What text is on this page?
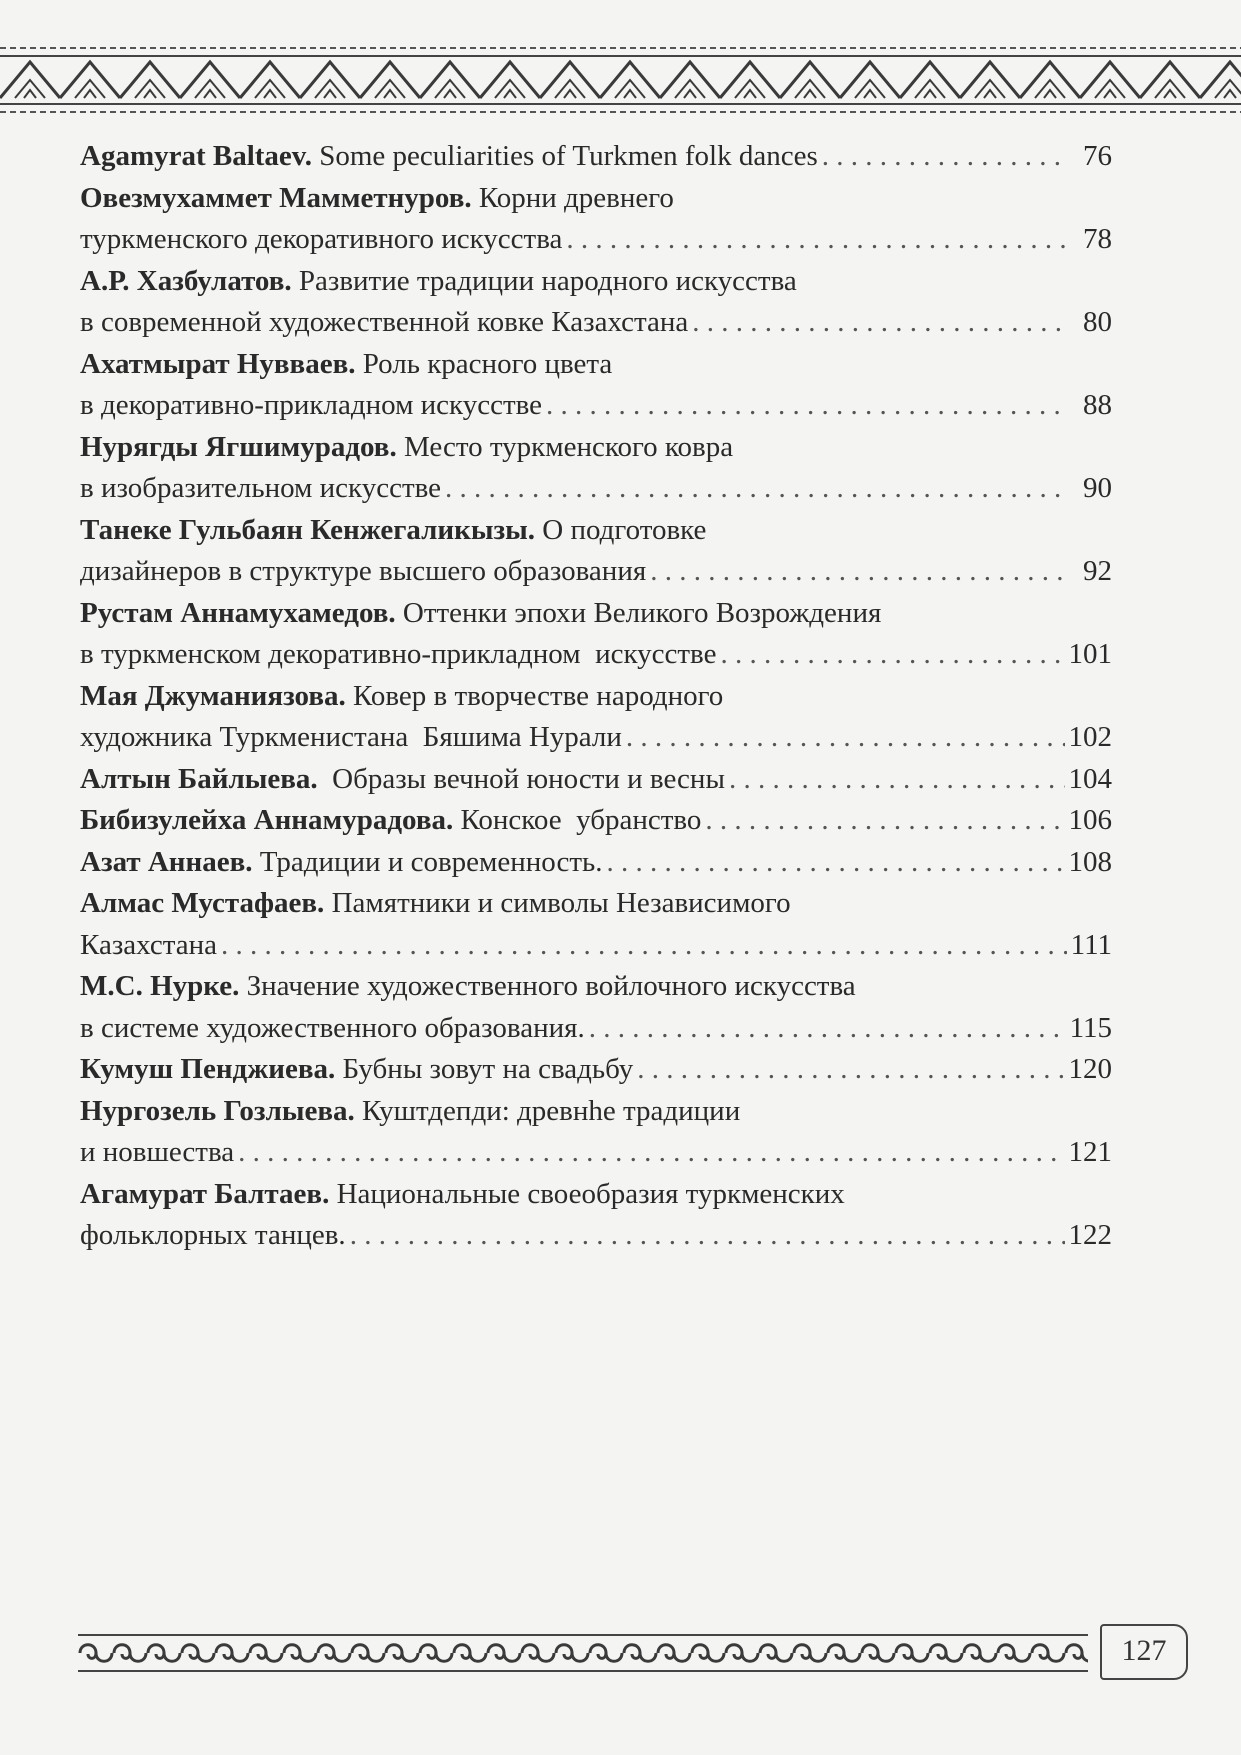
Agamyrat Baltaev. Some peculiarities of Turkmen folk dances . . .	76
Овезмухаммет Мамметнуров. Корни древнего
туркменского декоративного искусства . . .	78
А.Р. Хазбулатов. Развитие традиции народного искусства
в современной художественной ковке Казахстана . . .	80
Ахатмырат Нувваев. Роль красного цвета
в декоративно-прикладном искусстве . . .	88
Нурягды Ягшимурадов. Место туркменского ковра
в изобразительном искусстве . . .	90
Танеке Гульбаян Кенжегаликызы. О подготовке
дизайнеров в структуре высшего образования . . .	92
Рустам Аннамухамедов. Оттенки эпохи Великого Возрождения
в туркменском декоративно-прикладном  искусстве . . .	101
Мая Джуманиязова. Ковер в творчестве народного
художника Туркменистана  Бяшима Нурали . . .	102
Алтын Байлыева.  Образы вечной юности и весны . . .	104
Бибизулейха Аннамурадова. Конское  убранство . . .	106
Азат Аннаев. Традиции и современность. . . .	108
Алмас Мустафаев. Памятники и символы Независимого
Казахстана . . .	111
М.С. Нурке. Значение художественного войлочного искусства
в системе художественного образования. . . .	115
Кумуш Пенджиева. Бубны зовут на свадьбу . . .	120
Нургозель Гозлыева. Куштдепди: древнhе традиции
и новшества . . .	121
Агамурат Балтаев. Национальные своеобразия туркменских
фольклорных танцев. . . .	122
127
